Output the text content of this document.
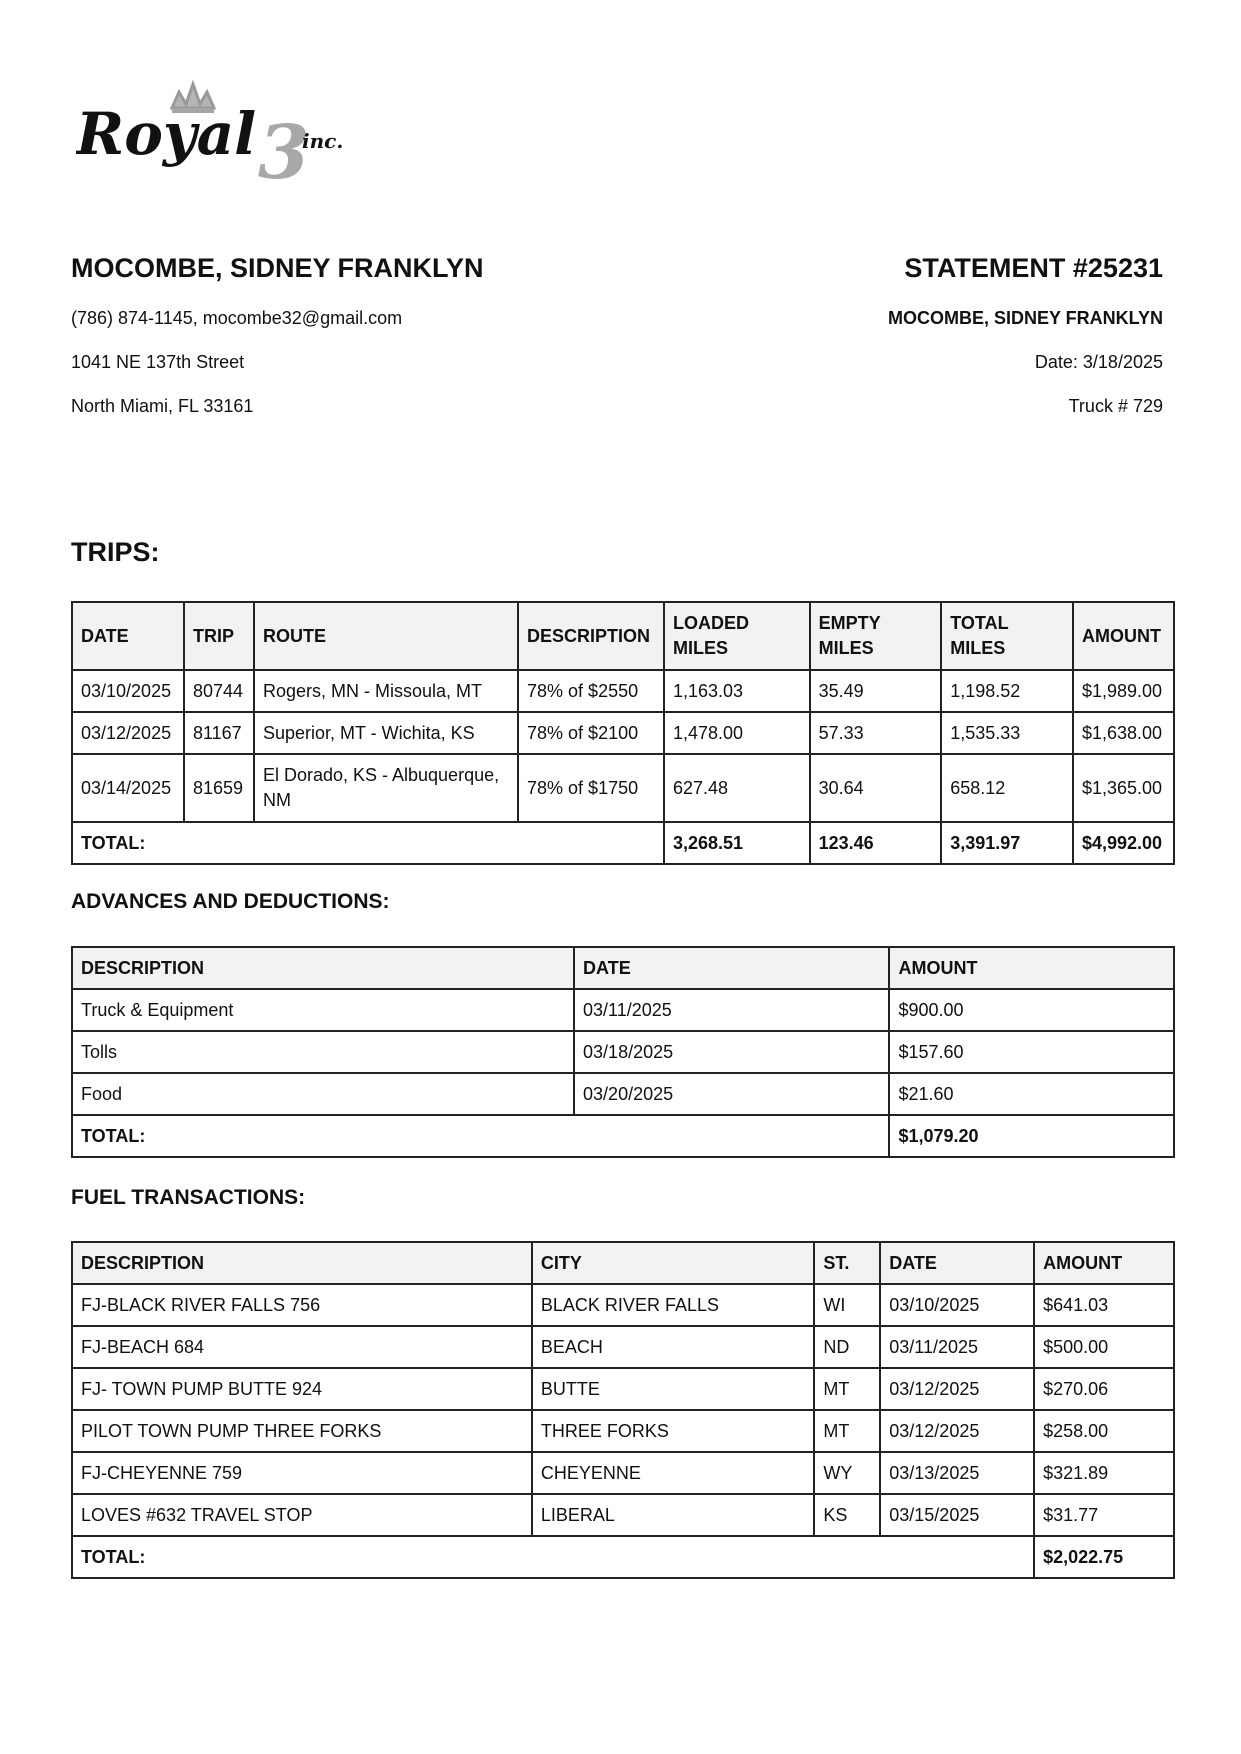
Royal 3
inc.
MOCOMBE, SIDNEY FRANKLYN
(786) 874-1145, mocombe32@gmail.com
1041 NE 137th Street
North Miami, FL 33161
STATEMENT #25231
MOCOMBE, SIDNEY FRANKLYN
Date: 3/18/2025
Truck # 729
TRIPS:
DATE	TRIP	ROUTE	DESCRIPTION	LOADED MILES	EMPTY MILES	TOTAL MILES	AMOUNT
03/10/2025	80744	Rogers, MN - Missoula, MT	78% of $2550	1,163.03	35.49	1,198.52	$1,989.00
03/12/2025	81167	Superior, MT - Wichita, KS	78% of $2100	1,478.00	57.33	1,535.33	$1,638.00
03/14/2025	81659	El Dorado, KS - Albuquerque, NM	78% of $1750	627.48	30.64	658.12	$1,365.00
TOTAL:				3,268.51	123.46	3,391.97	$4,992.00
ADVANCES AND DEDUCTIONS:
DESCRIPTION	DATE	AMOUNT
Truck & Equipment	03/11/2025	$900.00
Tolls	03/18/2025	$157.60
Food	03/20/2025	$21.60
TOTAL:		$1,079.20
FUEL TRANSACTIONS:
DESCRIPTION	CITY	ST.	DATE	AMOUNT
FJ-BLACK RIVER FALLS 756	BLACK RIVER FALLS	WI	03/10/2025	$641.03
FJ-BEACH 684	BEACH	ND	03/11/2025	$500.00
FJ- TOWN PUMP BUTTE 924	BUTTE	MT	03/12/2025	$270.06
PILOT TOWN PUMP THREE FORKS	THREE FORKS	MT	03/12/2025	$258.00
FJ-CHEYENNE 759	CHEYENNE	WY	03/13/2025	$321.89
LOVES #632 TRAVEL STOP	LIBERAL	KS	03/15/2025	$31.77
TOTAL:				$2,022.75
